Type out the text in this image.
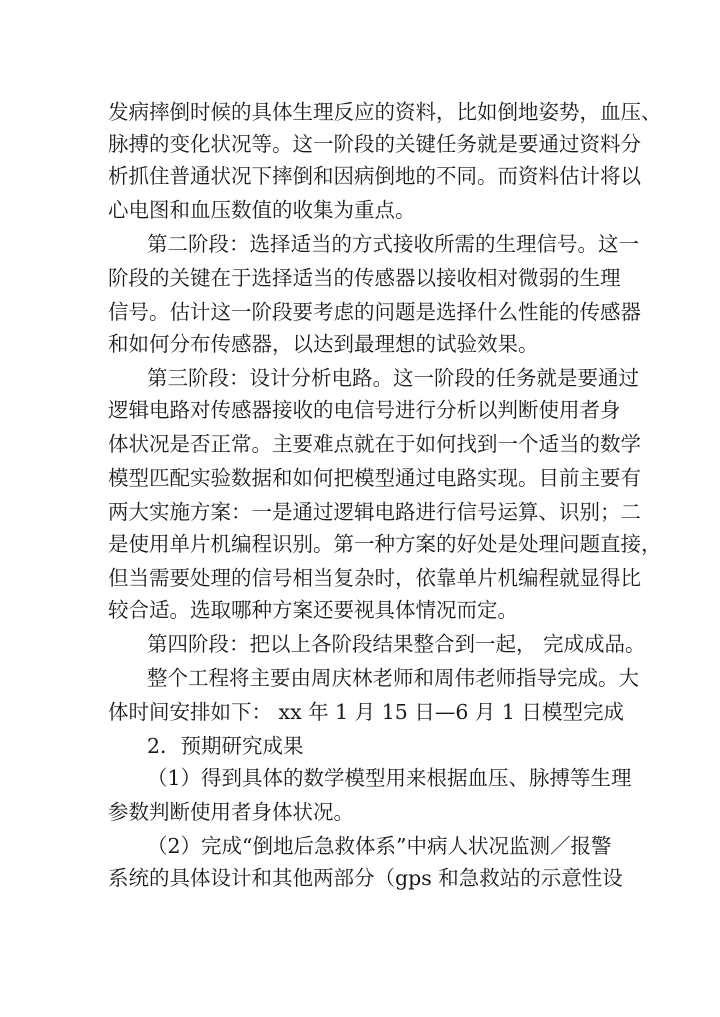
发病摔倒时候的具体生理反应的资料，比如倒地姿势，血压、
脉搏的变化状况等。这一阶段的关键任务就是要通过资料分
析抓住普通状况下摔倒和因病倒地的不同。而资料估计将以
心电图和血压数值的收集为重点。
第二阶段：选择适当的方式接收所需的生理信号。这一
阶段的关键在于选择适当的传感器以接收相对微弱的生理
信号。估计这一阶段要考虑的问题是选择什么性能的传感器
和如何分布传感器，以达到最理想的试验效果。
第三阶段：设计分析电路。这一阶段的任务就是要通过
逻辑电路对传感器接收的电信号进行分析以判断使用者身
体状况是否正常。主要难点就在于如何找到一个适当的数学
模型匹配实验数据和如何把模型通过电路实现。目前主要有
两大实施方案：一是通过逻辑电路进行信号运算、识别；二
是使用单片机编程识别。第一种方案的好处是处理问题直接，
但当需要处理的信号相当复杂时，依靠单片机编程就显得比
较合适。选取哪种方案还要视具体情况而定。
第四阶段：把以上各阶段结果整合到一起， 完成成品。
整个工程将主要由周庆林老师和周伟老师指导完成。大
体时间安排如下： xx 年 1 月 15 日—6 月 1 日模型完成
2．预期研究成果
（1）得到具体的数学模型用来根据血压、脉搏等生理
参数判断使用者身体状况。
（2）完成“倒地后急救体系”中病人状况监测／报警
系统的具体设计和其他两部分（gps 和急救站的示意性设
